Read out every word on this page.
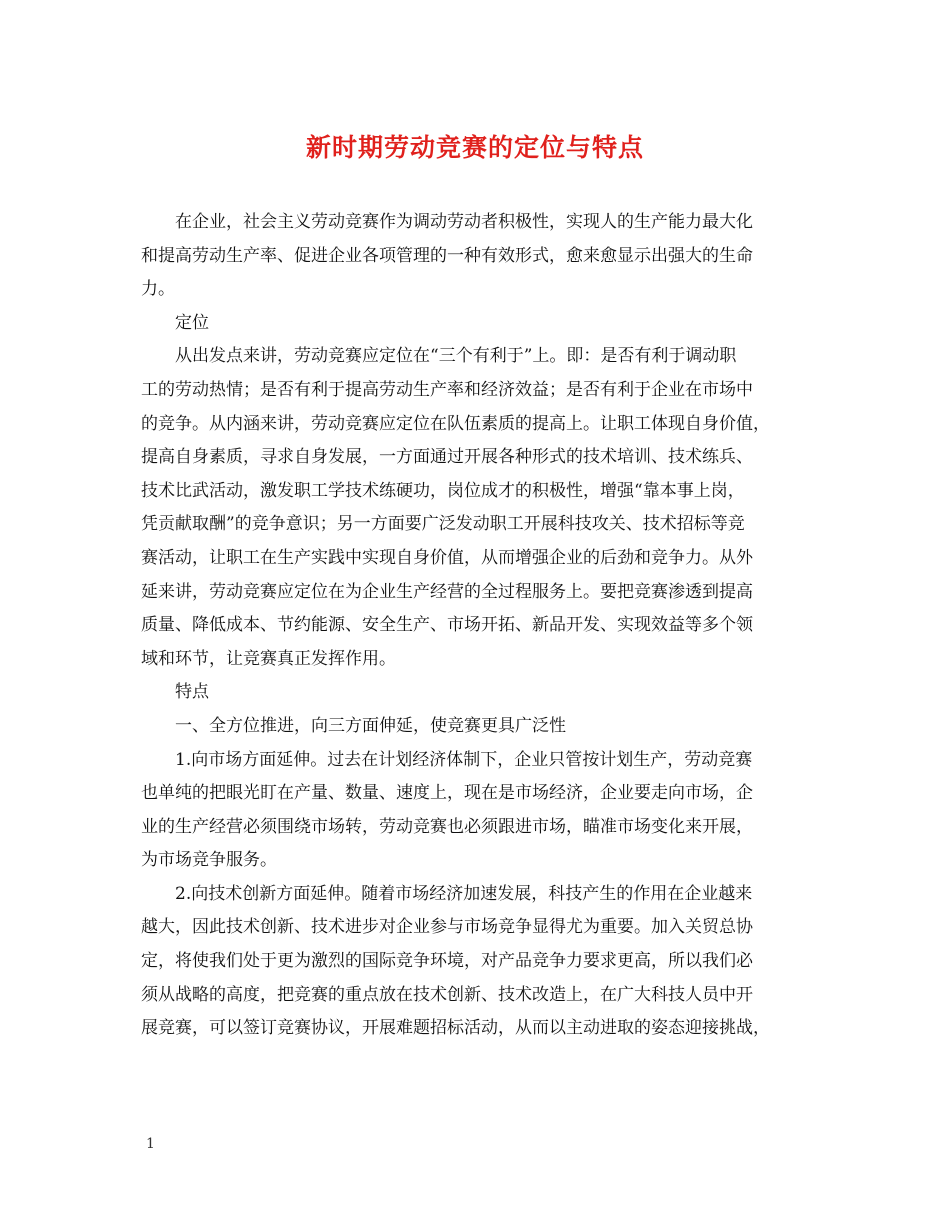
新时期劳动竞赛的定位与特点

在企业，社会主义劳动竞赛作为调动劳动者积极性，实现人的生产能力最大化
和提高劳动生产率、促进企业各项管理的一种有效形式，愈来愈显示出强大的生命
力。

定位

从出发点来讲，劳动竞赛应定位在“三个有利于”上。即：是否有利于调动职
工的劳动热情；是否有利于提高劳动生产率和经济效益；是否有利于企业在市场中
的竞争。从内涵来讲，劳动竞赛应定位在队伍素质的提高上。让职工体现自身价值，
提高自身素质，寻求自身发展，一方面通过开展各种形式的技术培训、技术练兵、
技术比武活动，激发职工学技术练硬功，岗位成才的积极性，增强“靠本事上岗，
凭贡献取酬”的竞争意识；另一方面要广泛发动职工开展科技攻关、技术招标等竞
赛活动，让职工在生产实践中实现自身价值，从而增强企业的后劲和竞争力。从外
延来讲，劳动竞赛应定位在为企业生产经营的全过程服务上。要把竞赛渗透到提高
质量、降低成本、节约能源、安全生产、市场开拓、新品开发、实现效益等多个领
域和环节，让竞赛真正发挥作用。

特点

一、全方位推进，向三方面伸延，使竞赛更具广泛性

1.向市场方面延伸。过去在计划经济体制下，企业只管按计划生产，劳动竞赛
也单纯的把眼光盯在产量、数量、速度上，现在是市场经济，企业要走向市场，企
业的生产经营必须围绕市场转，劳动竞赛也必须跟进市场，瞄准市场变化来开展，
为市场竞争服务。

2.向技术创新方面延伸。随着市场经济加速发展，科技产生的作用在企业越来
越大，因此技术创新、技术进步对企业参与市场竞争显得尤为重要。加入关贸总协
定，将使我们处于更为激烈的国际竞争环境，对产品竞争力要求更高，所以我们必
须从战略的高度，把竞赛的重点放在技术创新、技术改造上，在广大科技人员中开
展竞赛，可以签订竞赛协议，开展难题招标活动，从而以主动进取的姿态迎接挑战，

1
